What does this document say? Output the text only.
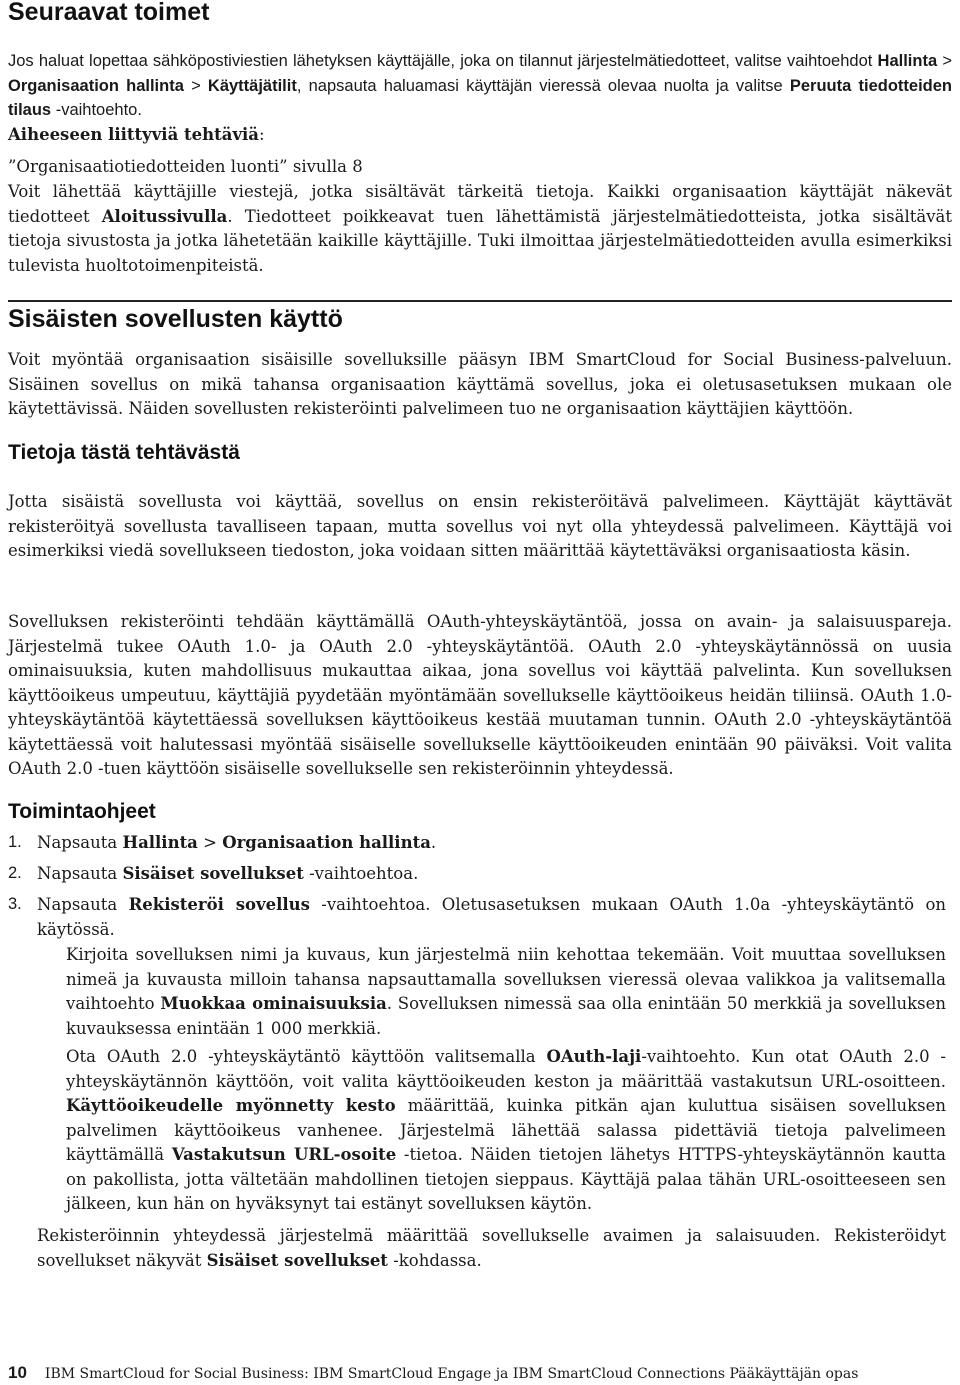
Seuraavat toimet

Jos haluat lopettaa sähköpostiviestien lähetyksen käyttäjälle, joka on tilannut järjestelmätiedotteet, valitse vaihtoehdot Hallinta > Organisaation hallinta > Käyttäjätilit, napsauta haluamasi käyttäjän vieressä olevaa nuolta ja valitse Peruuta tiedotteiden tilaus -vaihtoehto.

Aiheeseen liittyviä tehtäviä:

”Organisaatiotiedotteiden luonti” sivulla 8

Voit lähettää käyttäjille viestejä, jotka sisältävät tärkeitä tietoja. Kaikki organisaation käyttäjät näkevät tiedotteet Aloitussivulla. Tiedotteet poikkeavat tuen lähettämistä järjestelmätiedotteista, jotka sisältävät tietoja sivustosta ja jotka lähetetään kaikille käyttäjille. Tuki ilmoittaa järjestelmätiedotteiden avulla esimerkiksi tulevista huoltotoimenpiteistä.

Sisäisten sovellusten käyttö

Voit myöntää organisaation sisäisille sovelluksille pääsyn IBM SmartCloud for Social Business-palveluun. Sisäinen sovellus on mikä tahansa organisaation käyttämä sovellus, joka ei oletusasetuksen mukaan ole käytettävissä. Näiden sovellusten rekisteröinti palvelimeen tuo ne organisaation käyttäjien käyttöön.

Tietoja tästä tehtävästä

Jotta sisäistä sovellusta voi käyttää, sovellus on ensin rekisteröitävä palvelimeen. Käyttäjät käyttävät rekisteröityä sovellusta tavalliseen tapaan, mutta sovellus voi nyt olla yhteydessä palvelimeen. Käyttäjä voi esimerkiksi viedä sovellukseen tiedoston, joka voidaan sitten määrittää käytettäväksi organisaatiosta käsin.

Sovelluksen rekisteröinti tehdään käyttämällä OAuth-yhteyskäytäntöä, jossa on avain- ja salaisuuspareja. Järjestelmä tukee OAuth 1.0- ja OAuth 2.0 -yhteyskäytäntöä. OAuth 2.0 -yhteyskäytännössä on uusia ominaisuuksia, kuten mahdollisuus mukauttaa aikaa, jona sovellus voi käyttää palvelinta. Kun sovelluksen käyttöoikeus umpeutuu, käyttäjiä pyydetään myöntämään sovellukselle käyttöoikeus heidän tiliinsä. OAuth 1.0-yhteyskäytäntöä käytettäessä sovelluksen käyttöoikeus kestää muutaman tunnin. OAuth 2.0 -yhteyskäytäntöä käytettäessä voit halutessasi myöntää sisäiselle sovellukselle käyttöoikeuden enintään 90 päiväksi. Voit valita OAuth 2.0 -tuen käyttöön sisäiselle sovellukselle sen rekisteröinnin yhteydessä.

Toimintaohjeet
1. Napsauta Hallinta > Organisaation hallinta.

2. Napsauta Sisäiset sovellukset -vaihtoehtoa.

3. Napsauta Rekisteröi sovellus -vaihtoehtoa. Oletusasetuksen mukaan OAuth 1.0a -yhteyskäytäntö on käytössä.

Kirjoita sovelluksen nimi ja kuvaus, kun järjestelmä niin kehottaa tekemään. Voit muuttaa sovelluksen nimeä ja kuvausta milloin tahansa napsauttamalla sovelluksen vieressä olevaa valikkoa ja valitsemalla vaihtoehto Muokkaa ominaisuuksia. Sovelluksen nimessä saa olla enintään 50 merkkiä ja sovelluksen kuvauksessa enintään 1 000 merkkiä.

Ota OAuth 2.0 -yhteyskäytäntö käyttöön valitsemalla OAuth-laji-vaihtoehto. Kun otat OAuth 2.0 -yhteyskäytännön käyttöön, voit valita käyttöoikeuden keston ja määrittää vastakutsun URL-osoitteen. Käyttöoikeudelle myönnetty kesto määrittää, kuinka pitkän ajan kuluttua sisäisen sovelluksen palvelimen käyttöoikeus vanhenee. Järjestelmä lähettää salassa pidettäviä tietoja palvelimeen käyttämällä Vastakutsun URL-osoite -tietoa. Näiden tietojen lähetys HTTPS-yhteyskäytännön kautta on pakollista, jotta vältetään mahdollinen tietojen sieppaus. Käyttäjä palaa tähän URL-osoitteeseen sen jälkeen, kun hän on hyväksynyt tai estänyt sovelluksen käytön.

Rekisteröinnin yhteydessä järjestelmä määrittää sovellukselle avaimen ja salaisuuden. Rekisteröidyt sovellukset näkyvät Sisäiset sovellukset -kohdassa.

10 IBM SmartCloud for Social Business: IBM SmartCloud Engage ja IBM SmartCloud Connections Pääkäyttäjän opas
